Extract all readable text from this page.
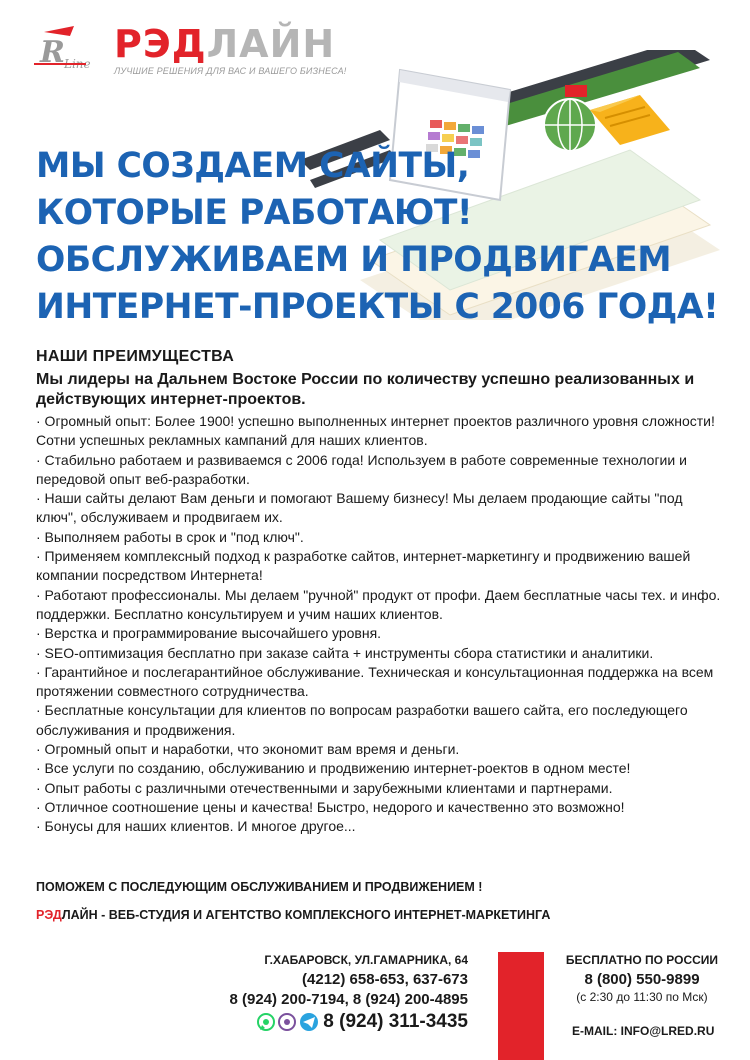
R Line РЭДЛАЙН
ЛУЧШИЕ РЕШЕНИЯ ДЛЯ ВАС И ВАШЕГО БИЗНЕСА!
МЫ СОЗДАЕМ САЙТЫ,
КОТОРЫЕ РАБОТАЮТ!
ОБСЛУЖИВАЕМ И ПРОДВИГАЕМ
ИНТЕРНЕТ-ПРОЕКТЫ С 2006 ГОДА!
НАШИ ПРЕИМУЩЕСТВА
Мы лидеры на Дальнем Востоке России по количеству успешно реализованных и действующих интернет-проектов.
· Огромный опыт: Более 1900! успешно выполненных интернет проектов различного уровня сложности! Сотни успешных рекламных кампаний для наших клиентов.
· Стабильно работаем и развиваемся с 2006 года! Используем в работе современные технологии и передовой опыт веб-разработки.
· Наши сайты делают Вам деньги и помогают Вашему бизнесу! Мы делаем продающие сайты "под ключ", обслуживаем и продвигаем их.
· Выполняем работы в срок и "под ключ".
· Применяем комплексный подход к разработке сайтов, интернет-маркетингу и продвижению вашей компании посредством Интернета!
· Работают профессионалы. Мы делаем "ручной" продукт от профи. Даем бесплатные часы тех. и инфо. поддержки. Бесплатно консультируем и учим наших клиентов.
· Верстка и программирование высочайшего уровня.
· SEO-оптимизация бесплатно при заказе сайта + инструменты сбора статистики и аналитики.
· Гарантийное и послегарантийное обслуживание. Техническая и консультационная поддержка на всем протяжении совместного сотрудничества.
· Бесплатные консультации для клиентов по вопросам разработки вашего сайта, его последующего обслуживания и продвижения.
· Огромный опыт и наработки, что экономит вам время и деньги.
· Все услуги по созданию, обслуживанию и продвижению интернет-роектов в одном месте!
· Опыт работы с различными отечественными и зарубежными клиентами и партнерами.
· Отличное соотношение цены и качества! Быстро, недорого и качественно это возможно!
· Бонусы для наших клиентов. И многое другое...
ПОМОЖЕМ С ПОСЛЕДУЮЩИМ ОБСЛУЖИВАНИЕМ И ПРОДВИЖЕНИЕМ !
РЭДЛАЙН - ВЕБ-СТУДИЯ И АГЕНТСТВО КОМПЛЕКСНОГО ИНТЕРНЕТ-МАРКЕТИНГА
Г.ХАБАРОВСК, УЛ.ГАМАРНИКА, 64
(4212) 658-653, 637-673
8 (924) 200-7194, 8 (924) 200-4895
8 (924) 311-3435
БЕСПЛАТНО ПО РОССИИ
8 (800) 550-9899
(с 2:30 до 11:30 по Мск)
E-MAIL: INFO@LRED.RU
